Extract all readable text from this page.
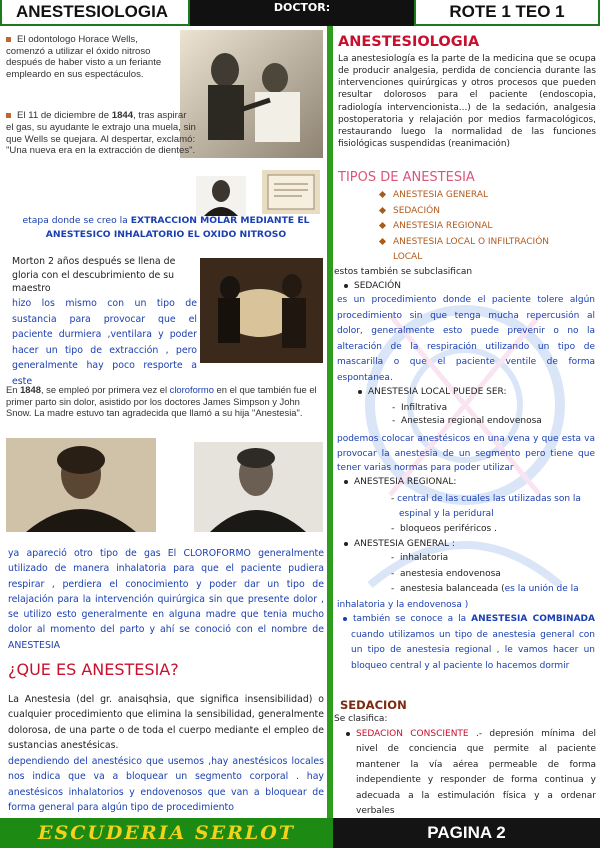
ANESTESIOLOGIA	DOCTOR:	ROTE 1 TEO 1
El odontologo Horace Wells, comenzó a utilizar el óxido nitroso después de haber visto a un feriante empleardo en sus espectáculos.
El 11 de diciembre de 1844, tras aspirar el gas, su ayudante le extrajo una muela, sin que Wells se quejara. Al despertar, exclamó: "Una nueva era en la extracción de dientes".
etapa donde se creo la EXTRACCION MOLAR MEDIANTE EL ANESTESICO INHALATORIO EL OXIDO NITROSO
Morton 2 años después se llena de gloria con el descubrimiento de su maestro
hizo los mismo con un tipo de sustancia para provocar que el paciente durmiera ,ventilara y poder hacer un tipo de extracción , pero generalmente hay poco resporte a este
En 1848, se empleó por primera vez el cloroformo en el que también fue el primer parto sin dolor, asistido por los doctores James Simpson y John Snow. La madre estuvo tan agradecida que llamó a su hija "Anestesia".
ya apareció otro tipo de gas El CLOROFORMO generalmente utilizado de manera inhalatoria para que el paciente pudiera respirar , perdiera el conocimiento y poder dar un tipo de relajación para la intervención quirúrgica sin que presente dolor , se utilizo esto generalmente en alguna madre que tenia mucho dolor al momento del parto y ahí se conoció con el nombre de ANESTESIA
¿QUE ES ANESTESIA?
La Anestesia (del gr. anaisqhsia, que significa insensibilidad) o cualquier procedimiento que elimina la sensibilidad, generalmente dolorosa, de una parte o de toda el cuerpo mediante el empleo de sustancias anestésicas.
dependiendo del anestésico que usemos ,hay anestésicos locales nos indica que va a bloquear un segmento corporal . hay anestésicos inhalatorios y endovenosos que van a bloquear de forma general para algún tipo de procedimiento
ANESTESIOLOGIA
La anestesiología es la parte de la medicina que se ocupa de producir analgesia, perdida de conciencia durante las intervenciones quirúrgicas y otros procesos que pueden resultar dolorosos para el paciente (endoscopia, radiología intervencionista...) de la sedación, analgesia postoperatoria y relajación por medios farmacológicos, restaurando luego la normalidad de las funciones fisiológicas suspendidas (reanimación)
TIPOS DE ANESTESIA
ANESTESIA GENERAL
SEDACIÓN
ANESTESIA REGIONAL
ANESTESIA LOCAL O INFILTRACIÓN LOCAL
estos también se subclasifican
SEDACIÓN
es un procedimiento donde el paciente tolere algún procedimiento sin que tenga mucha repercusión al dolor, generalmente esto puede prevenir o no la alteración de la respiración utilizando un tipo de mascarilla o que el paciente ventile de forma espontanea.
ANESTESIA LOCAL PUEDE SER:
-  Infiltrativa
-  Anestesia regional endovenosa
podemos colocar anestésicos en una vena y que esta va provocar la anestesia de un segmento pero tiene que tener varias normas para poder utilizar
ANESTESIA REGIONAL:
- central de las cuales las utilizadas son la espinal y la peridural
-  bloqueos periféricos .
ANESTESIA GENERAL :
-  inhalatoria
-  anestesia endovenosa
-  anestesia balanceada (es la unión de la inhalatoria y la endovenosa )
también se conoce a la ANESTESIA COMBINADA cuando utilizamos un tipo de anestesia general con un tipo de anestesia regional , le vamos hacer un bloqueo central y al paciente lo hacemos dormir
SEDACION
Se clasifica:
SEDACION CONSCIENTE .- depresión mínima del nivel de conciencia que permite al paciente mantener la vía aérea permeable de forma independiente y responder de forma continua y adecuada a la estimulación física y a ordenar verbales
ESCUDERIA SERLOT	PAGINA 2
